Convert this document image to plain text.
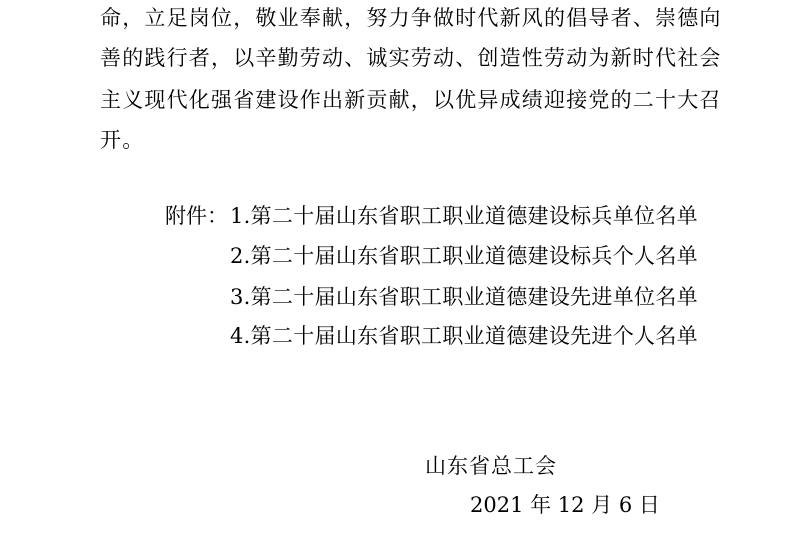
命，立足岗位，敬业奉献，努力争做时代新风的倡导者、崇德向
善的践行者，以辛勤劳动、诚实劳动、创造性劳动为新时代社会
主义现代化强省建设作出新贡献，以优异成绩迎接党的二十大召
开。
附件： 1.第二十届山东省职工职业道德建设标兵单位名单
2.第二十届山东省职工职业道德建设标兵个人名单
3.第二十届山东省职工职业道德建设先进单位名单
4.第二十届山东省职工职业道德建设先进个人名单
山东省总工会
2021 年 12 月 6 日
